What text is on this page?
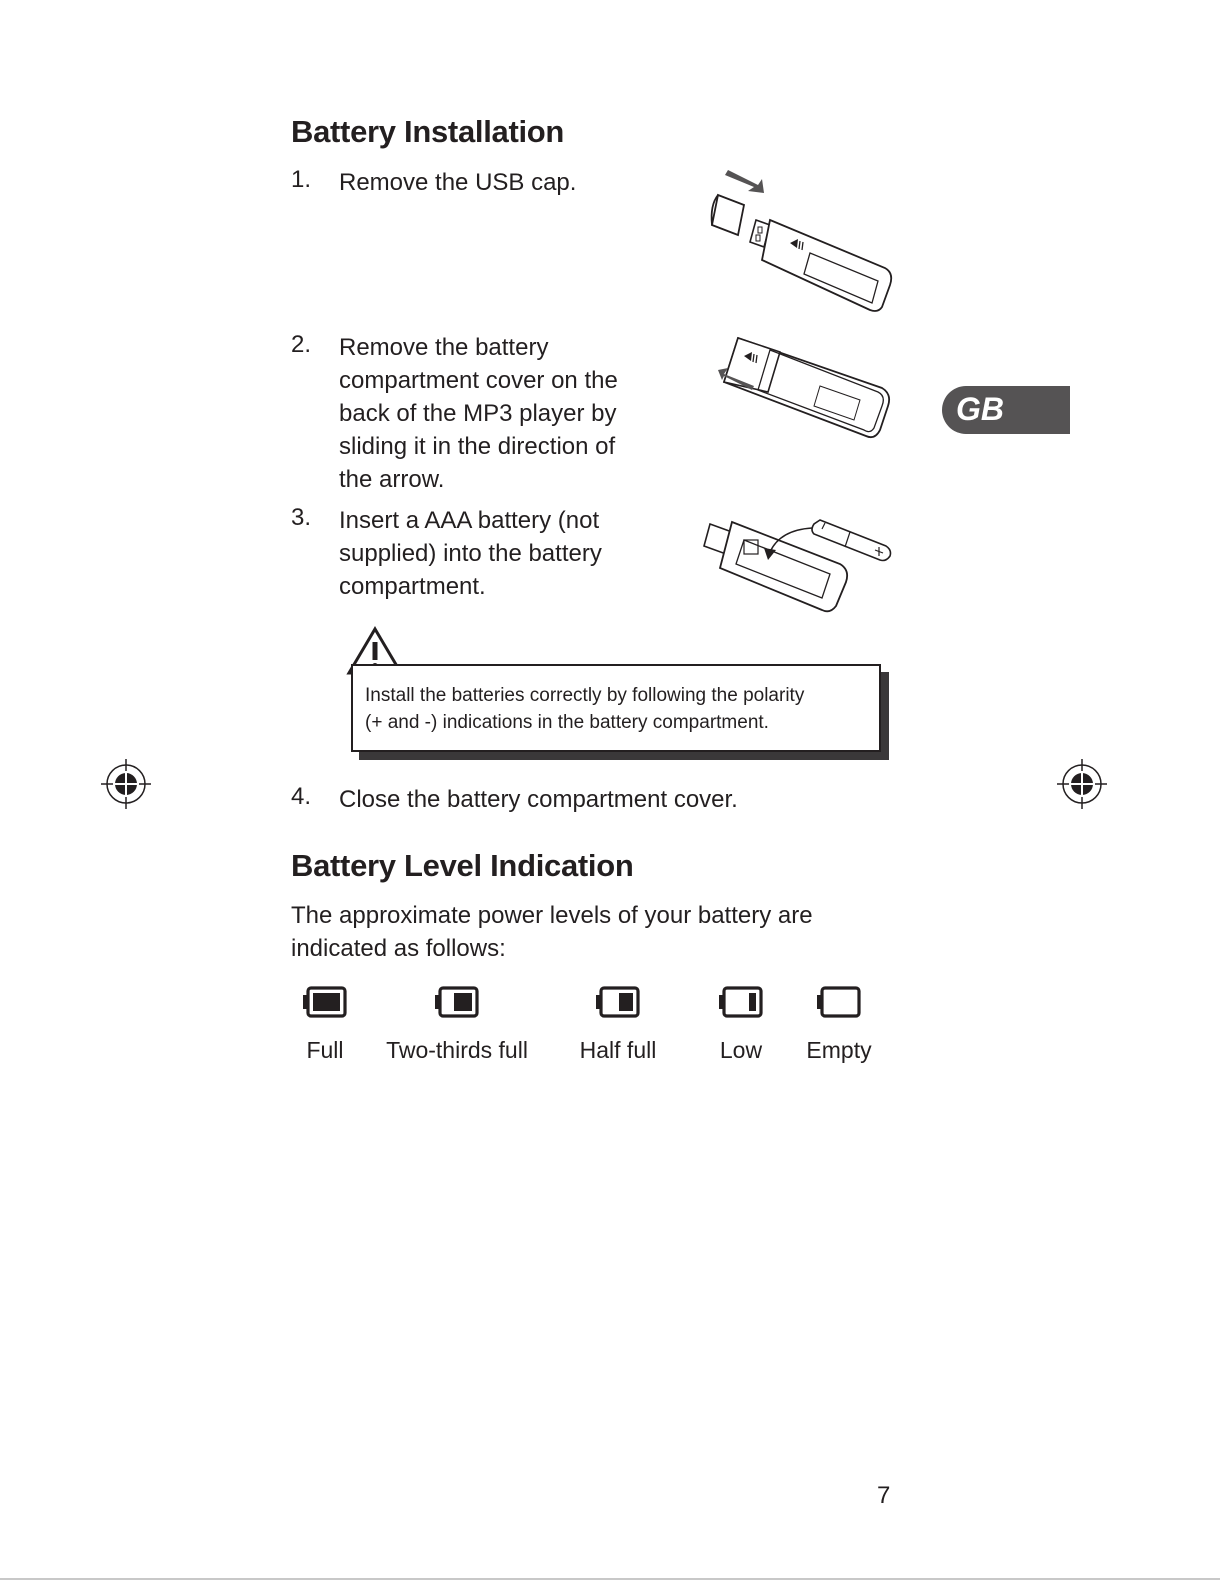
GB
Battery Installation
1. Remove the USB cap.
2. Remove the battery
compartment cover on the
back of the MP3 player by
sliding it in the direction of
the arrow.
3. Insert a AAA battery (not
supplied) into the battery
compartment.
Install the batteries correctly by following the polarity
(+ and -) indications in the battery compartment.
4. Close the battery compartment cover.
Battery Level Indication
The approximate power levels of your battery are
indicated as follows:
Full	Two-thirds full	Half full	Low	Empty
7
